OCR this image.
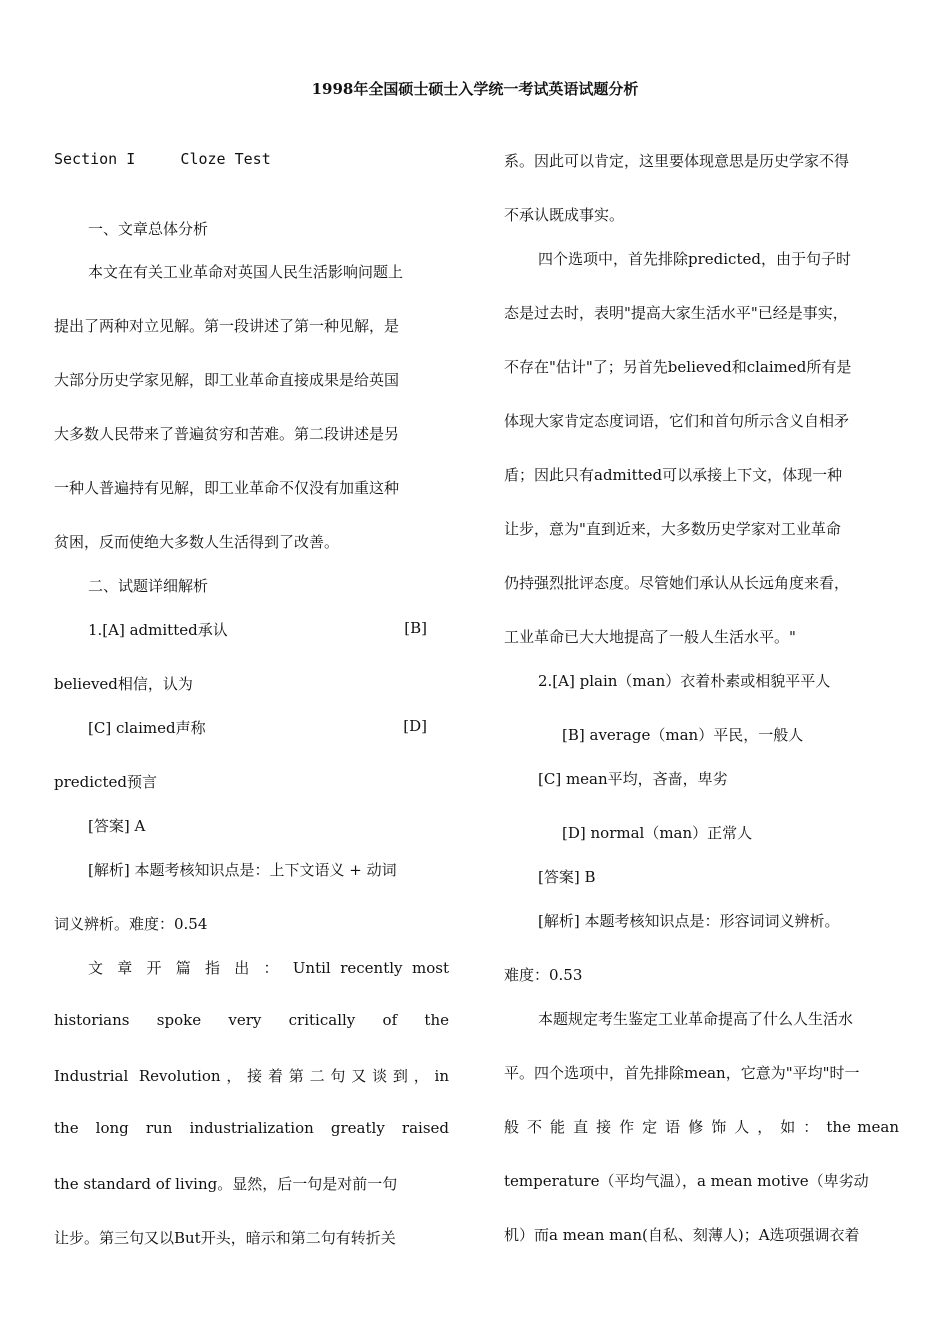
1998年全国硕士硕士入学统一考试英语试题分析
Section I     Cloze Test
一、文章总体分析
本文在有关工业革命对英国人民生活影响问题上
提出了两种对立见解。第一段讲述了第一种见解，是
大部分历史学家见解，即工业革命直接成果是给英国
大多数人民带来了普遍贫穷和苦难。第二段讲述是另
一种人普遍持有见解，即工业革命不仅没有加重这种
贫困，反而使绝大多数人生活得到了改善。
二、试题详细解析
1.[A] admitted承认	[B]
believed相信，认为
[C] claimed声称	[D]
predicted预言
[答案] A
[解析] 本题考核知识点是：上下文语义 + 动词
词义辨析。难度：0.54
文 章 开 篇 指 出 ： Until recently most
historians spoke very critically of the
Industrial Revolution，接着第二句又谈到，in
the long run industrialization greatly raised
the standard of living。显然，后一句是对前一句
让步。第三句又以But开头，暗示和第二句有转折关
系。因此可以肯定，这里要体现意思是历史学家不得
不承认既成事实。
四个选项中，首先排除predicted，由于句子时
态是过去时，表明"提高大家生活水平"已经是事实，
不存在"估计"了；另首先believed和claimed所有是
体现大家肯定态度词语，它们和首句所示含义自相矛
盾；因此只有admitted可以承接上下文，体现一种
让步，意为"直到近来，大多数历史学家对工业革命
仍持强烈批评态度。尽管她们承认从长远角度来看，
工业革命已大大地提高了一般人生活水平。"
2.[A] plain（man）衣着朴素或相貌平平人
[B] average（man）平民，一般人
[C] mean平均，吝啬，卑劣
[D] normal（man）正常人
[答案] B
[解析] 本题考核知识点是：形容词词义辨析。
难度：0.53
本题规定考生鉴定工业革命提高了什么人生活水
平。四个选项中，首先排除mean，它意为"平均"时一
般 不 能 直 接 作 定 语 修 饰 人 ， 如 ： the mean
temperature（平均气温），a mean motive（卑劣动
机）而a mean man(自私、刻薄人)；A选项强调衣着
